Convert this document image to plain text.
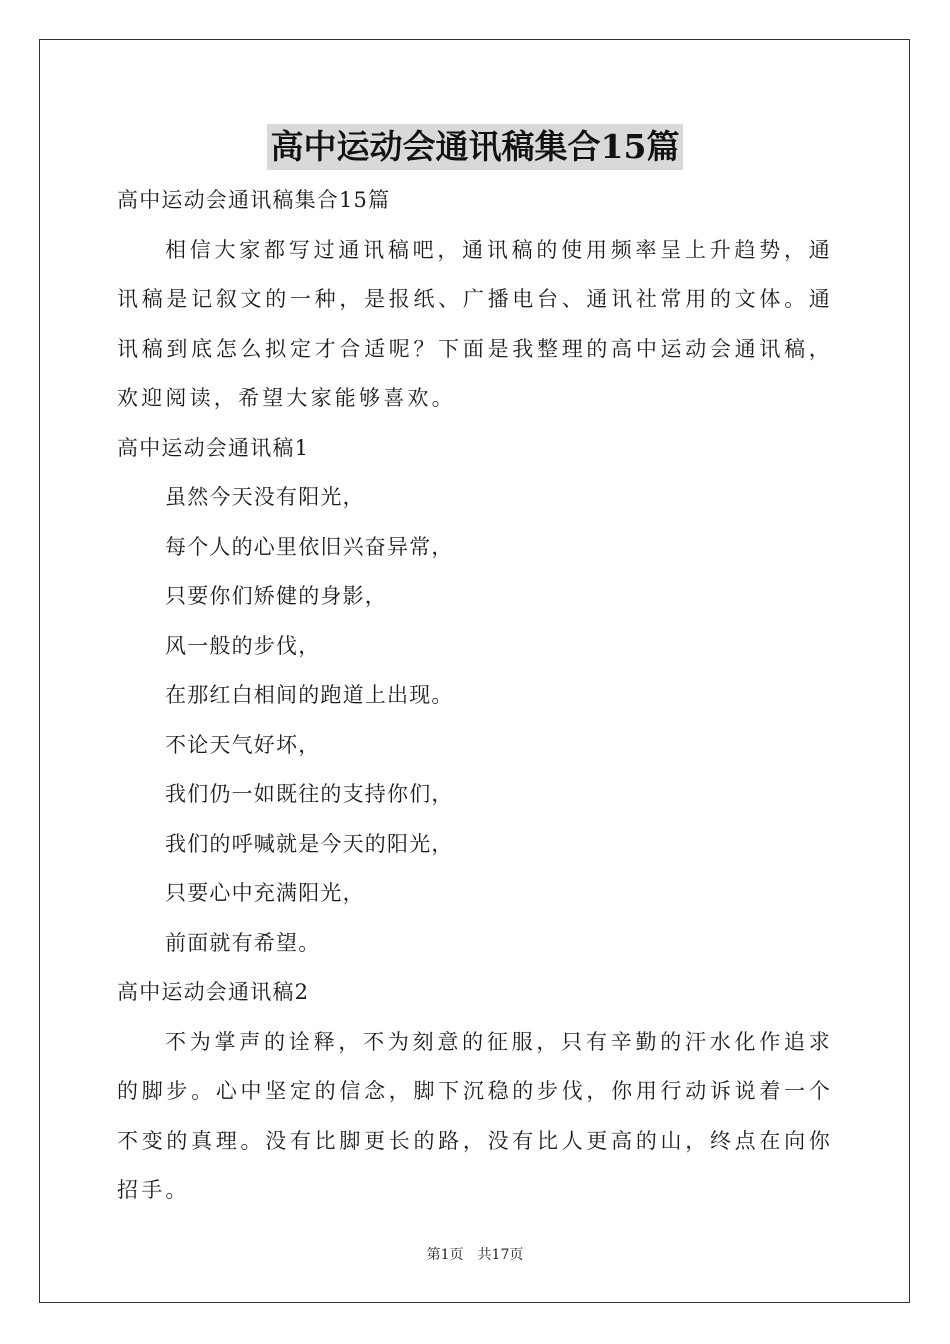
高中运动会通讯稿集合15篇
高中运动会通讯稿集合15篇

相信大家都写过通讯稿吧，通讯稿的使用频率呈上升趋势，通讯稿是记叙文的一种，是报纸、广播电台、通讯社常用的文体。通讯稿到底怎么拟定才合适呢？下面是我整理的高中运动会通讯稿，欢迎阅读，希望大家能够喜欢。

高中运动会通讯稿1
虽然今天没有阳光，
每个人的心里依旧兴奋异常，
只要你们矫健的身影，
风一般的步伐，
在那红白相间的跑道上出现。
不论天气好坏，
我们仍一如既往的支持你们，
我们的呼喊就是今天的阳光，
只要心中充满阳光，
前面就有希望。
高中运动会通讯稿2

不为掌声的诠释，不为刻意的征服，只有辛勤的汗水化作追求的脚步。心中坚定的信念，脚下沉稳的步伐，你用行动诉说着一个不变的真理。没有比脚更长的路，没有比人更高的山，终点在向你招手。

第1页　共17页
